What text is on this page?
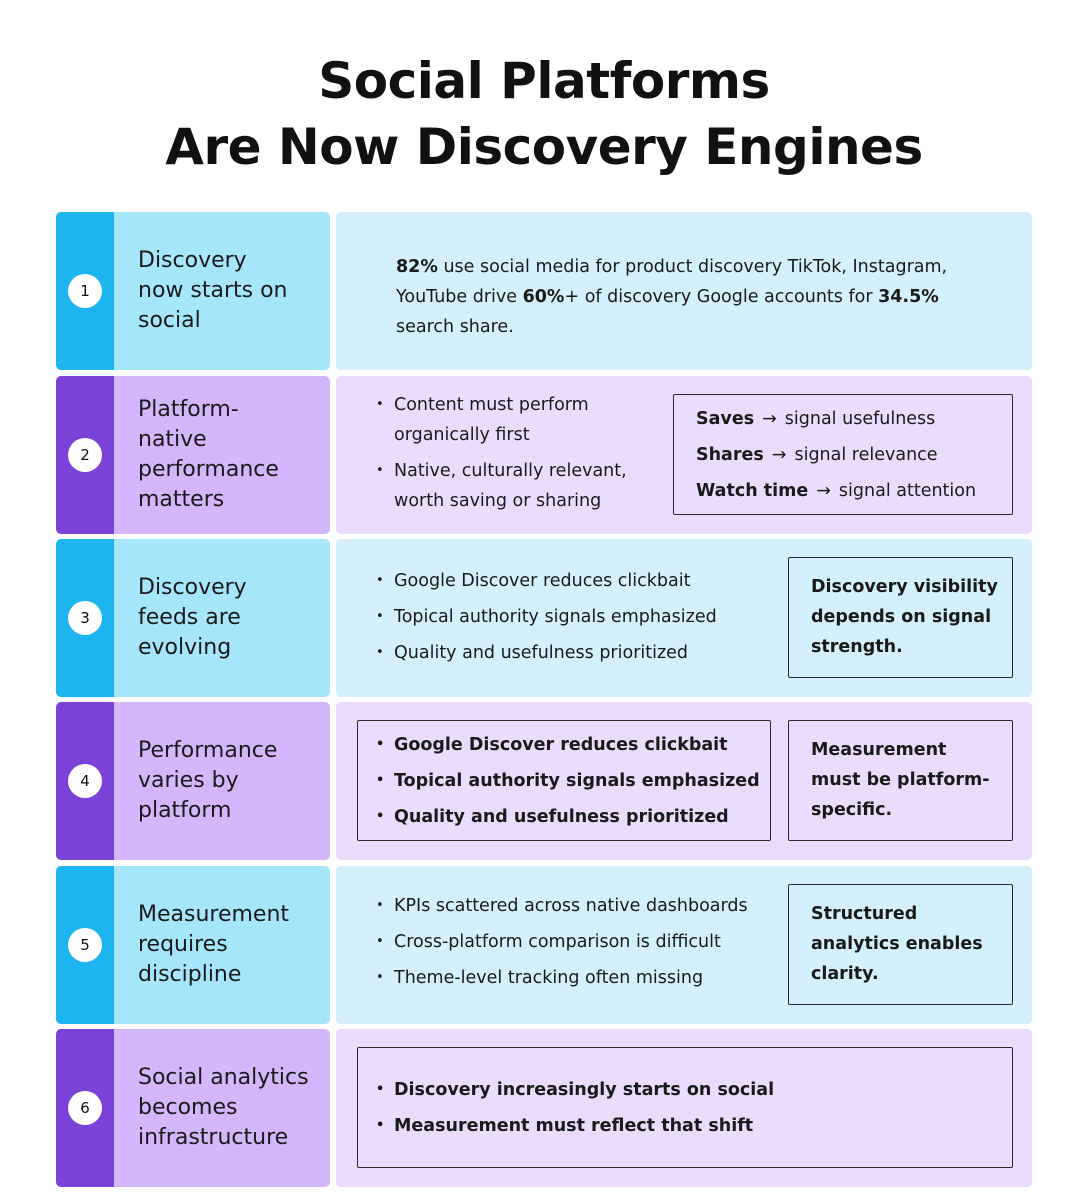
Social Platforms
Are Now Discovery Engines
1
Discovery now starts on social

82% use social media for product discovery TikTok, Instagram, YouTube drive 60%+ of discovery Google accounts for 34.5% search share.

2
Platform-native performance matters
• Content must perform organically first
• Native, culturally relevant, worth saving or sharing
Saves → signal usefulness
Shares → signal relevance
Watch time → signal attention
3
Discovery feeds are evolving
• Google Discover reduces clickbait
• Topical authority signals emphasized
• Quality and usefulness prioritized
Discovery visibility depends on signal strength.
4
Performance varies by platform
• Google Discover reduces clickbait
• Topical authority signals emphasized
• Quality and usefulness prioritized
Measurement must be platform-specific.
5
Measurement requires discipline
• KPIs scattered across native dashboards
• Cross-platform comparison is difficult
• Theme-level tracking often missing
Structured analytics enables clarity.
6
Social analytics becomes infrastructure
• Discovery increasingly starts on social
• Measurement must reflect that shift
